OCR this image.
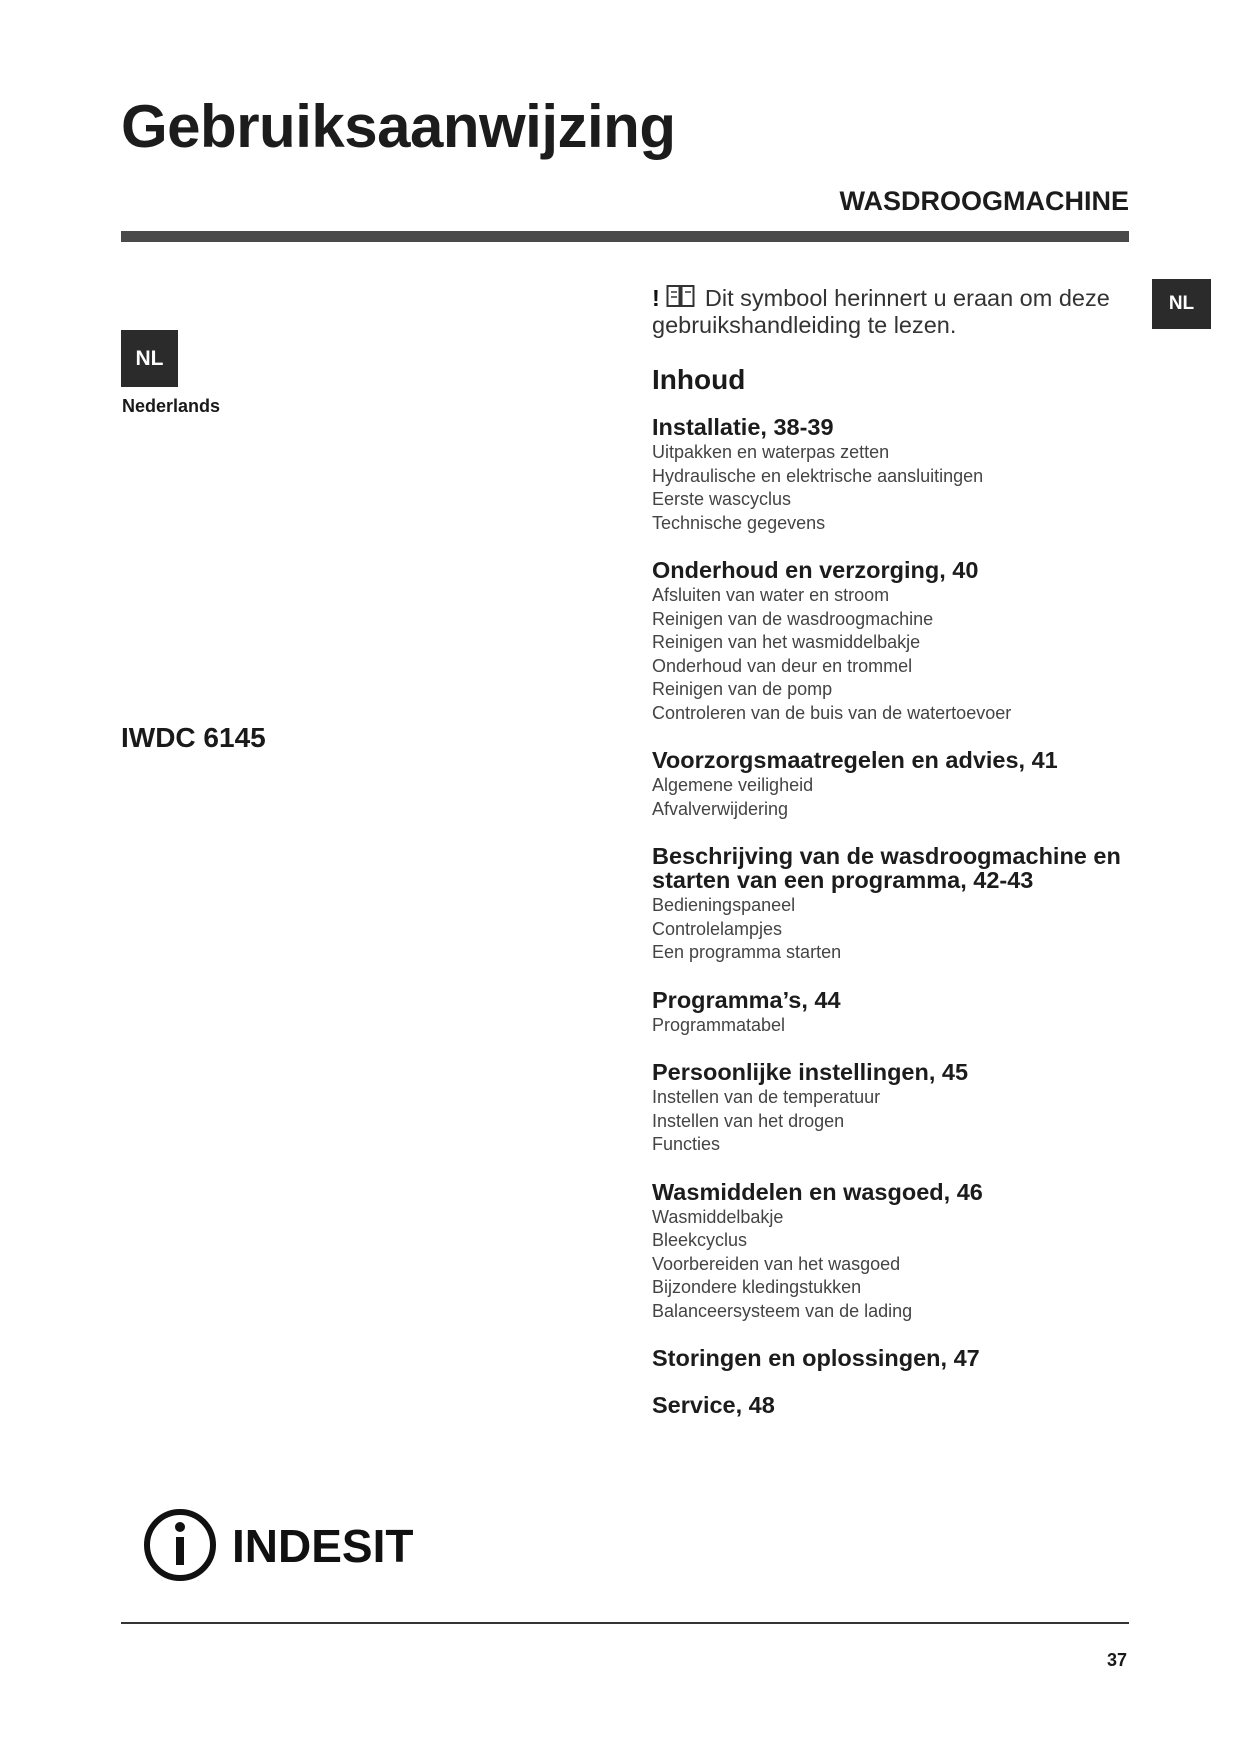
Gebruiksaanwijzing
WASDROOGMACHINE
NL
Nederlands
NL
IWDC 6145
! Dit symbool herinnert u eraan om deze gebruikshandleiding te lezen.
Inhoud
Installatie, 38-39
Uitpakken en waterpas zetten
Hydraulische en elektrische aansluitingen
Eerste wascyclus
Technische gegevens
Onderhoud en verzorging, 40
Afsluiten van water en stroom
Reinigen van de wasdroogmachine
Reinigen van het wasmiddelbakje
Onderhoud van deur en trommel
Reinigen van de pomp
Controleren van de buis van de watertoevoer
Voorzorgsmaatregelen en advies, 41
Algemene veiligheid
Afvalverwijdering
Beschrijving van de wasdroogmachine en starten van een programma, 42-43
Bedieningspaneel
Controlelampjes
Een programma starten
Programma’s, 44
Programmatabel
Persoonlijke instellingen, 45
Instellen van de temperatuur
Instellen van het drogen
Functies
Wasmiddelen en wasgoed, 46
Wasmiddelbakje
Bleekcyclus
Voorbereiden van het wasgoed
Bijzondere kledingstukken
Balanceersysteem van de lading
Storingen en oplossingen, 47
Service, 48
INDESIT
37
